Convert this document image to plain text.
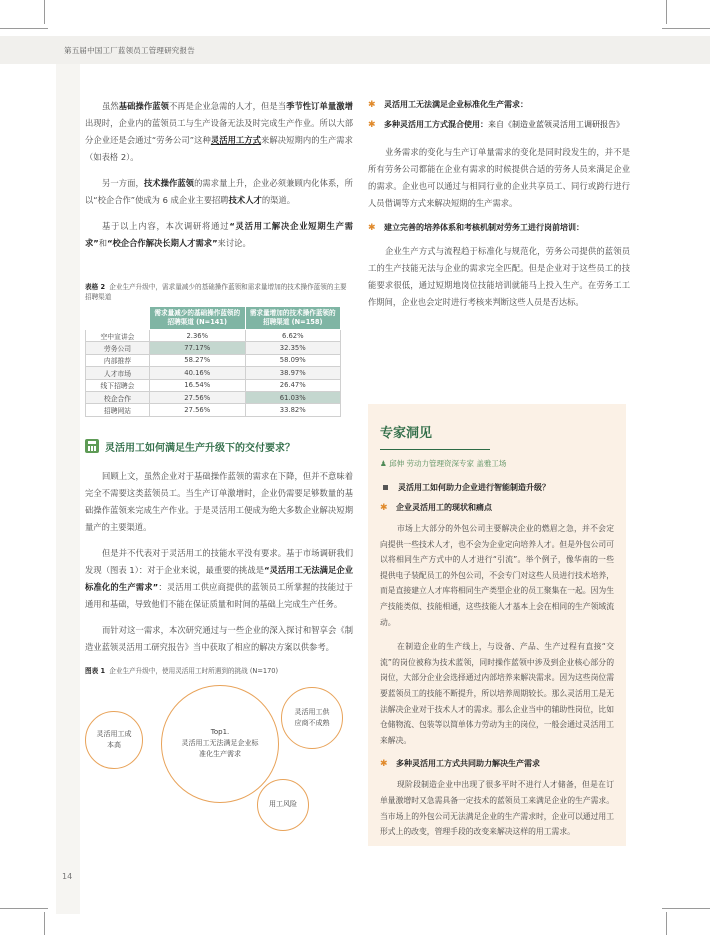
第五届中国工厂蓝领员工管理研究报告
14

虽然基础操作蓝领不再是企业急需的人才，但是当季节性订单量激增出现时，企业内的蓝领员工与生产设备无法及时完成生产作业。所以大部分企业还是会通过“劳务公司”这种灵活用工方式来解决短期内的生产需求（如表格 2）。

另一方面，技术操作蓝领的需求量上升，企业必须兼顾内化体系，所以“校企合作”使成为 6 成企业主要招聘技术人才的渠道。

基于以上内容，本次调研将通过“灵活用工解决企业短期生产需求”和“校企合作解决长期人才需求”来讨论。

表格 2 企业生产升级中，需求量减少的基础操作蓝领和需求量增加的技术操作蓝领的主要招聘渠道
	需求量减少的基础操作蓝领的招聘渠道 (N=141)	需求量增加的技术操作蓝领的招聘渠道 (N=158)
空中宣讲会	2.36%	6.62%
劳务公司	77.17%	32.35%
内部推荐	58.27%	58.09%
人才市场	40.16%	38.97%
线下招聘会	16.54%	26.47%
校企合作	27.56%	61.03%
招聘网站	27.56%	33.82%
灵活用工如何满足生产升级下的交付要求？

回顾上文，虽然企业对于基础操作蓝领的需求在下降，但并不意味着完全不需要这类蓝领员工。当生产订单激增时，企业仍需要足够数量的基础操作蓝领来完成生产作业。于是灵活用工便成为绝大多数企业解决短期量产的主要渠道。

但是并不代表对于灵活用工的技能水平没有要求。基于市场调研我们发现（图表 1）：对于企业来说，最重要的挑战是“灵活用工无法满足企业标准化的生产需求”：灵活用工供应商提供的蓝领员工所掌握的技能过于通用和基础，导致他们不能在保证质量和时间的基础上完成生产任务。

而针对这一需求，本次研究通过与一些企业的深入探讨和智享会《制造业蓝领灵活用工研究报告》当中获取了相应的解决方案以供参考。

图表 1 企业生产升级中，使用灵活用工时所遇到的挑战 (N=170)
Top1.
灵活用工无法满足企业标准化生产需求
灵活用工成本高
灵活用工供应商不成熟
用工风险
✱	灵活用工无法满足企业标准化生产需求：
✱	多种灵活用工方式混合使用：来自《制造业蓝领灵活用工调研报告》

业务需求的变化与生产订单量需求的变化是同时段发生的，并不是所有劳务公司都能在企业有需求的时候提供合适的劳务人员来满足企业的需求。企业也可以通过与相同行业的企业共享员工、同行或跨行进行人员借调等方式来解决短期的生产需求。

✱	建立完善的培养体系和考核机制对劳务工进行岗前培训：

企业生产方式与流程趋于标准化与规范化，劳务公司提供的蓝领员工的生产技能无法与企业的需求完全匹配。但是企业对于这些员工的技能要求很低，通过短期地岗位技能培训就能马上投入生产。在劳务工工作期间，企业也会定时进行考核来判断这些人员是否达标。

专家洞见
♟ 邱伸 劳动力管理资深专家 盖雅工场
灵活用工如何助力企业进行智能制造升级？
✱	企业灵活用工的现状和痛点

市场上大部分的外包公司主要解决企业的燃眉之急，并不会定向提供一些技术人才，也不会为企业定向培养人才。但是外包公司可以将相同生产方式中的人才进行“引流”。举个例子，像华南的一些提供电子装配员工的外包公司，不会专门对这些人员进行技术培养，而是直接建立人才库将相同生产类型企业的员工聚集在一起。因为生产技能类似、技能相通，这些技能人才基本上会在相同的生产领域流动。

在制造企业的生产线上，与设备、产品、生产过程有直接“交流”的岗位被称为技术蓝领，同时操作蓝领中涉及到企业核心部分的岗位，大部分企业会选择通过内部培养来解决需求。因为这些岗位需要蓝领员工的技能不断提升，所以培养周期较长。那么灵活用工是无法解决企业对于技术人才的需求。那么企业当中的辅助性岗位，比如仓储物流、包装等以简单体力劳动为主的岗位，一般会通过灵活用工来解决。

✱	多种灵活用工方式共同助力解决生产需求

现阶段制造企业中出现了很多平时不进行人才储备，但是在订单量激增时又急需具备一定技术的蓝领员工来满足企业的生产需求。当市场上的外包公司无法满足企业的生产需求时，企业可以通过用工形式上的改变，管理手段的改变来解决这样的用工需求。
